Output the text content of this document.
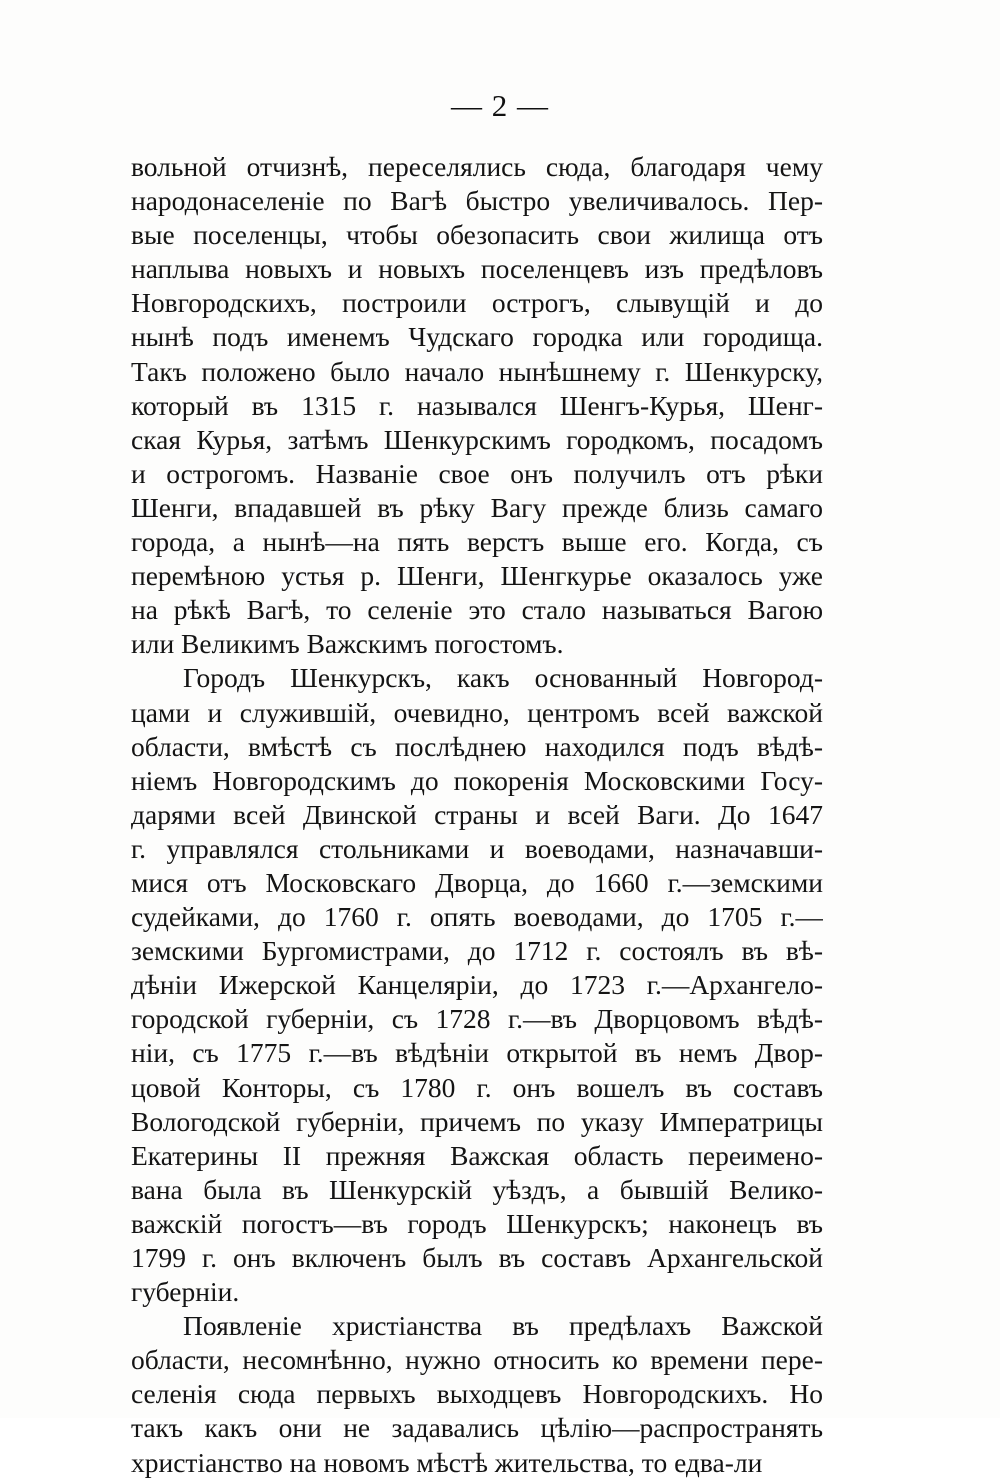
— 2 —
вольной отчизнѣ, переселялись сюда, благодаря чему
народонаселенiе по Вагѣ быстро увеличивалось. Пер-
вые поселенцы, чтобы обезопасить свои жилища отъ
наплыва новыхъ и новыхъ поселенцевъ изъ предѣловъ
Новгородскихъ, построили острогъ, слывущiй и до
нынѣ подъ именемъ Чудскаго городка или городища.
Такъ положено было начало нынѣшнему г. Шенкурску,
который въ 1315 г. назывался Шенгъ-Курья, Шенг-
ская Курья, затѣмъ Шенкурскимъ городкомъ, посадомъ
и острогомъ. Названiе свое онъ получилъ отъ рѣки
Шенги, впадавшей въ рѣку Вагу прежде близь самаго
города, а нынѣ—на пять верстъ выше его. Когда, съ
перемѣною устья р. Шенги, Шенгкурье оказалось уже
на рѣкѣ Вагѣ, то селенiе это стало называться Вагою
или Великимъ Важскимъ погостомъ.
Городъ Шенкурскъ, какъ основанный Новгород-
цами и служившiй, очевидно, центромъ всей важской
области, вмѣстѣ съ послѣднею находился подъ вѣдѣ-
нiемъ Новгородскимъ до покоренiя Московскими Госу-
дарями всей Двинской страны и всей Ваги. До 1647
г. управлялся стольниками и воеводами, назначавши-
мися отъ Московскаго Дворца, до 1660 г.—земскими
судейками, до 1760 г. опять воеводами, до 1705 г.—
земскими Бургомистрами, до 1712 г. состоялъ въ вѣ-
дѣнiи Ижерской Канцелярiи, до 1723 г.—Архангело-
городской губернiи, съ 1728 г.—въ Дворцовомъ вѣдѣ-
нiи, съ 1775 г.—въ вѣдѣнiи открытой въ немъ Двор-
цовой Конторы, съ 1780 г. онъ вошелъ въ составъ
Вологодской губернiи, причемъ по указу Императрицы
Екатерины II прежняя Важская область переимено-
вана была въ Шенкурскiй уѣздъ, а бывшiй Велико-
важскiй погостъ—въ городъ Шенкурскъ; наконецъ въ
1799 г. онъ включенъ былъ въ составъ Архангельской
губернiи.
Появленiе христiанства въ предѣлахъ Важской
области, несомнѣнно, нужно относить ко времени пере-
селенiя сюда первыхъ выходцевъ Новгородскихъ. Но
такъ какъ они не задавались цѣлiю—распространять
христiанство на новомъ мѣстѣ жительства, то едва-ли
